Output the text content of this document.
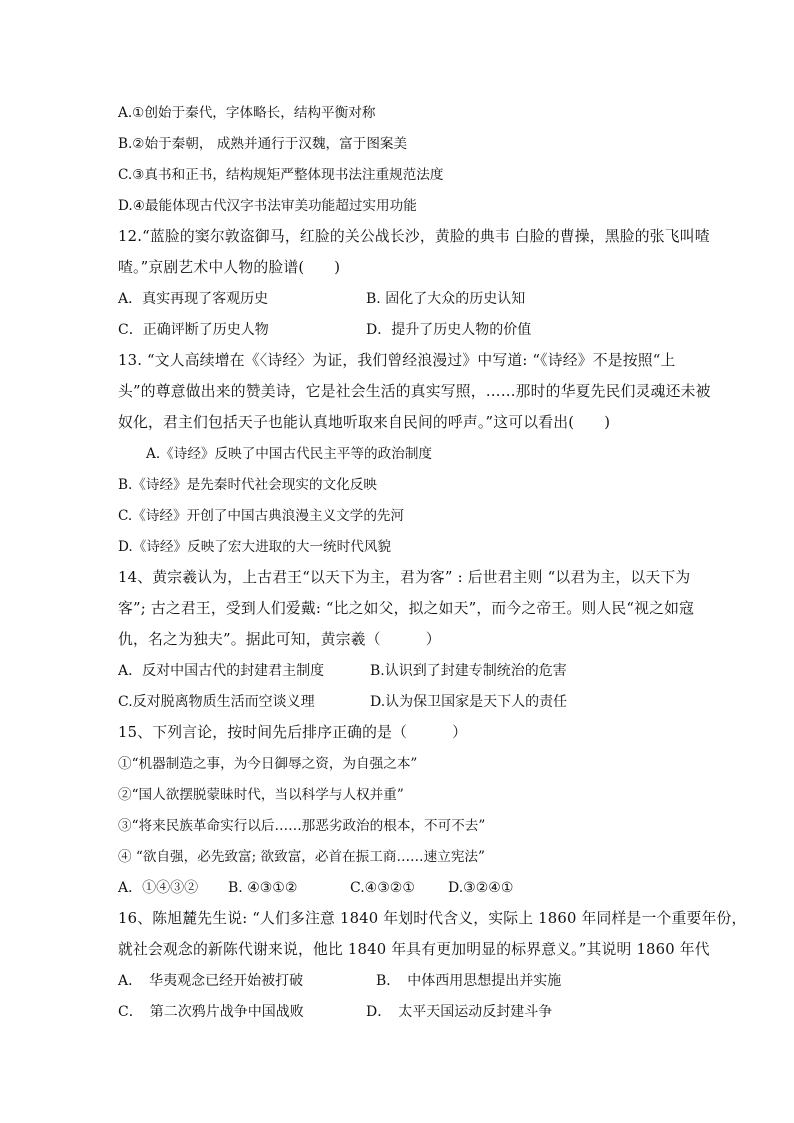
A.①创始于秦代，字体略长，结构平衡对称
B.②始于秦朝， 成熟并通行于汉魏，富于图案美
C.③真书和正书，结构规矩严整体现书法注重规范法度
D.④最能体现古代汉字书法审美功能超过实用功能
12.“蓝脸的窦尔敦盗御马，红脸的关公战长沙，黄脸的典韦 白脸的曹操，黑脸的张飞叫喳
喳。”京剧艺术中人物的脸谱(　　)
A．真实再现了客观历史	B. 固化了大众的历史认知
C．正确评断了历史人物	D．提升了历史人物的价值
13. “文人高续增在《〈诗经〉为证，我们曾经浪漫过》中写道: “《诗经》不是按照“上
头”的尊意做出来的赞美诗，它是社会生活的真实写照，……那时的华夏先民们灵魂还未被
奴化，君主们包括天子也能认真地听取来自民间的呼声。”这可以看出(　　)
A.《诗经》反映了中国古代民主平等的政治制度
B.《诗经》是先秦时代社会现实的文化反映
C.《诗经》开创了中国古典浪漫主义文学的先河
D.《诗经》反映了宏大进取的大一统时代风貌
14、黄宗羲认为，上古君王“以天下为主，君为客” : 后世君主则 “以君为主，以天下为
客”; 古之君王，受到人们爱戴: “比之如父，拟之如天”，而今之帝王。则人民“视之如寇
仇，名之为独夫”。据此可知，黄宗羲（　　　）
A．反对中国古代的封建君主制度	B.认识到了封建专制统治的危害
C.反对脱离物质生活而空谈义理	D.认为保卫国家是天下人的责任
15、下列言论，按时间先后排序正确的是（　　　）
①“机器制造之事，为今日御辱之资，为自强之本”
②“国人欲摆脱蒙昧时代，当以科学与人权并重”
③“将来民族革命实行以后……那恶劣政治的根本，不可不去”
④ “欲自强，必先致富; 欲致富，必首在振工商……速立宪法”
A．①④③② B. ④③①②	C.④③②① D.③②④①
16、陈旭麓先生说: “人们多注意 1840 年划时代含义，实际上 1860 年同样是一个重要年份，
就社会观念的新陈代谢来说，他比 1840 年具有更加明显的标界意义。”其说明 1860 年代
A．　华夷观念已经开始被打破	B．　中体西用思想提出并实施
C．　第二次鸦片战争中国战败	D．　太平天国运动反封建斗争
